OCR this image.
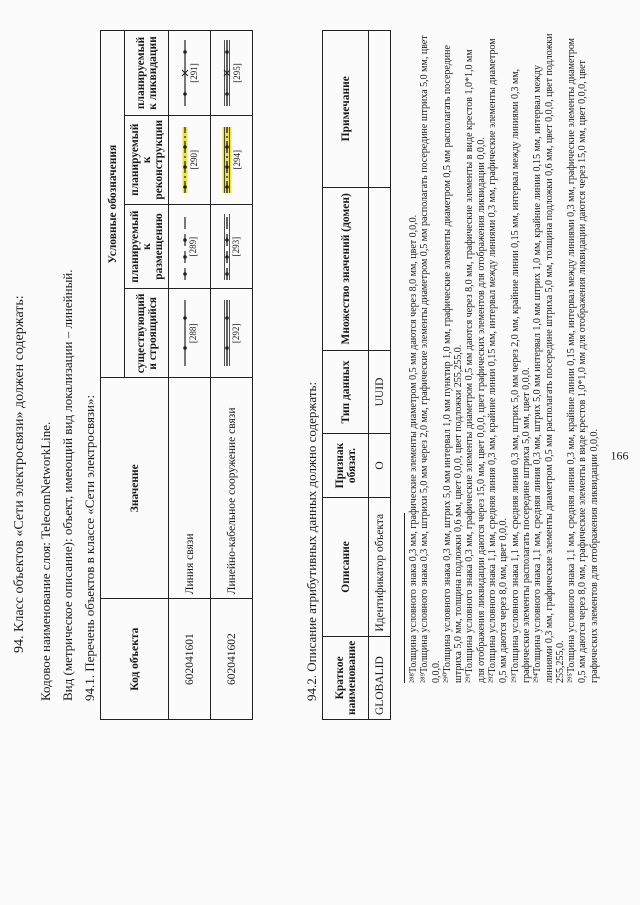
166
94. Класс объектов «Сети электросвязи» должен содержать: Кодовое наименование слоя: TelecomNetworkLine. Вид (метрическое описание): объект, имеющий вид локализации – линейный. 94.1. Перечень объектов в классе «Сети электросвязи»:	Код объекта	Значение	Условные обозначения			
		существующий и строящийся	планируемый к размещению	планируемый к реконструкции	планируемый к ликвидации
602041601	Линия связи	[288]	[289]	[290]	[291]

602041602	Линейно-кабельное сооружение связи	[292]	[293]	[294]	[295]
94.2. Описание атрибутивных данных должно содержать: Краткое наименование	Описание	Признак обязат.	Тип данных	Множество значений (домен)	Примечание
GLOBALID	Идентификатор объекта	О	UUID		²⁸⁸Толщина условного знака 0,3 мм, графические элементы диаметром 0,5 мм даются через 8,0 мм, цвет 0,0,0. ²⁸⁹Толщина условного знака 0,3 мм, штрихи 5,0 мм через 2,0 мм, графические элементы диаметром 0,5 мм располагать посередине штриха 5,0 мм, цвет 0,0,0. ²⁹⁰Толщина условного знака 0,3 мм, штрих 5,0 мм интервал 1,0 мм пунктир 1,0 мм, графические элементы диаметром 0,5 мм располагать посередине штриха 5,0 мм, толщина подложки 0,6 мм, цвет 0,0,0, цвет подложки 255,255,0. ²⁹¹Толщина условного знака 0,3 мм, графические элементы диаметром 0,5 мм даются через 8,0 мм, графические элементы в виде крестов 1,0*1,0 мм для отображения ликвидации даются через 15,0 мм, цвет 0,0,0, цвет графических элементов для отображения ликвидации 0,0,0. ²⁹²Толщина условного знака 1,1 мм, средняя линия 0,3 мм, крайние линии 0,15 мм, интервал между линиями 0,3 мм, графические элементы диаметром 0,5 мм даются через 8,0 мм, цвет 0,0,0. ²⁹³Толщина условного знака 1,1 мм, средняя линия 0,3 мм, штрих 5,0 мм через 2,0 мм, крайние линии 0,15 мм, интервал между линиями 0,3 мм, графические элементы располагать посередине штриха 5,0 мм, цвет 0,0,0. ²⁹⁴Толщина условного знака 1,1 мм, средняя линия 0,3 мм, штрих 5,0 мм интервал 1,0 мм штрих 1,0 мм, крайние линии 0,15 мм, интервал между линиями 0,3 мм, графические элементы диаметром 0,5 мм располагать посередине штриха 5,0 мм, толщина подложки 0,6 мм, цвет 0,0,0, цвет подложки 255,255,0. ²⁹⁵Толщина условного знака 1,1 мм, средняя линия 0,3 мм, крайние линии 0,15 мм, интервал между линиями 0,3 мм, графические элементы диаметром 0,5 мм даются через 8,0 мм, графические элементы в виде крестов 1,0*1,0 мм для отображения ликвидации даются через 15,0 мм, цвет 0,0,0, цвет графических элементов для отображения ликвидации 0,0,0.
